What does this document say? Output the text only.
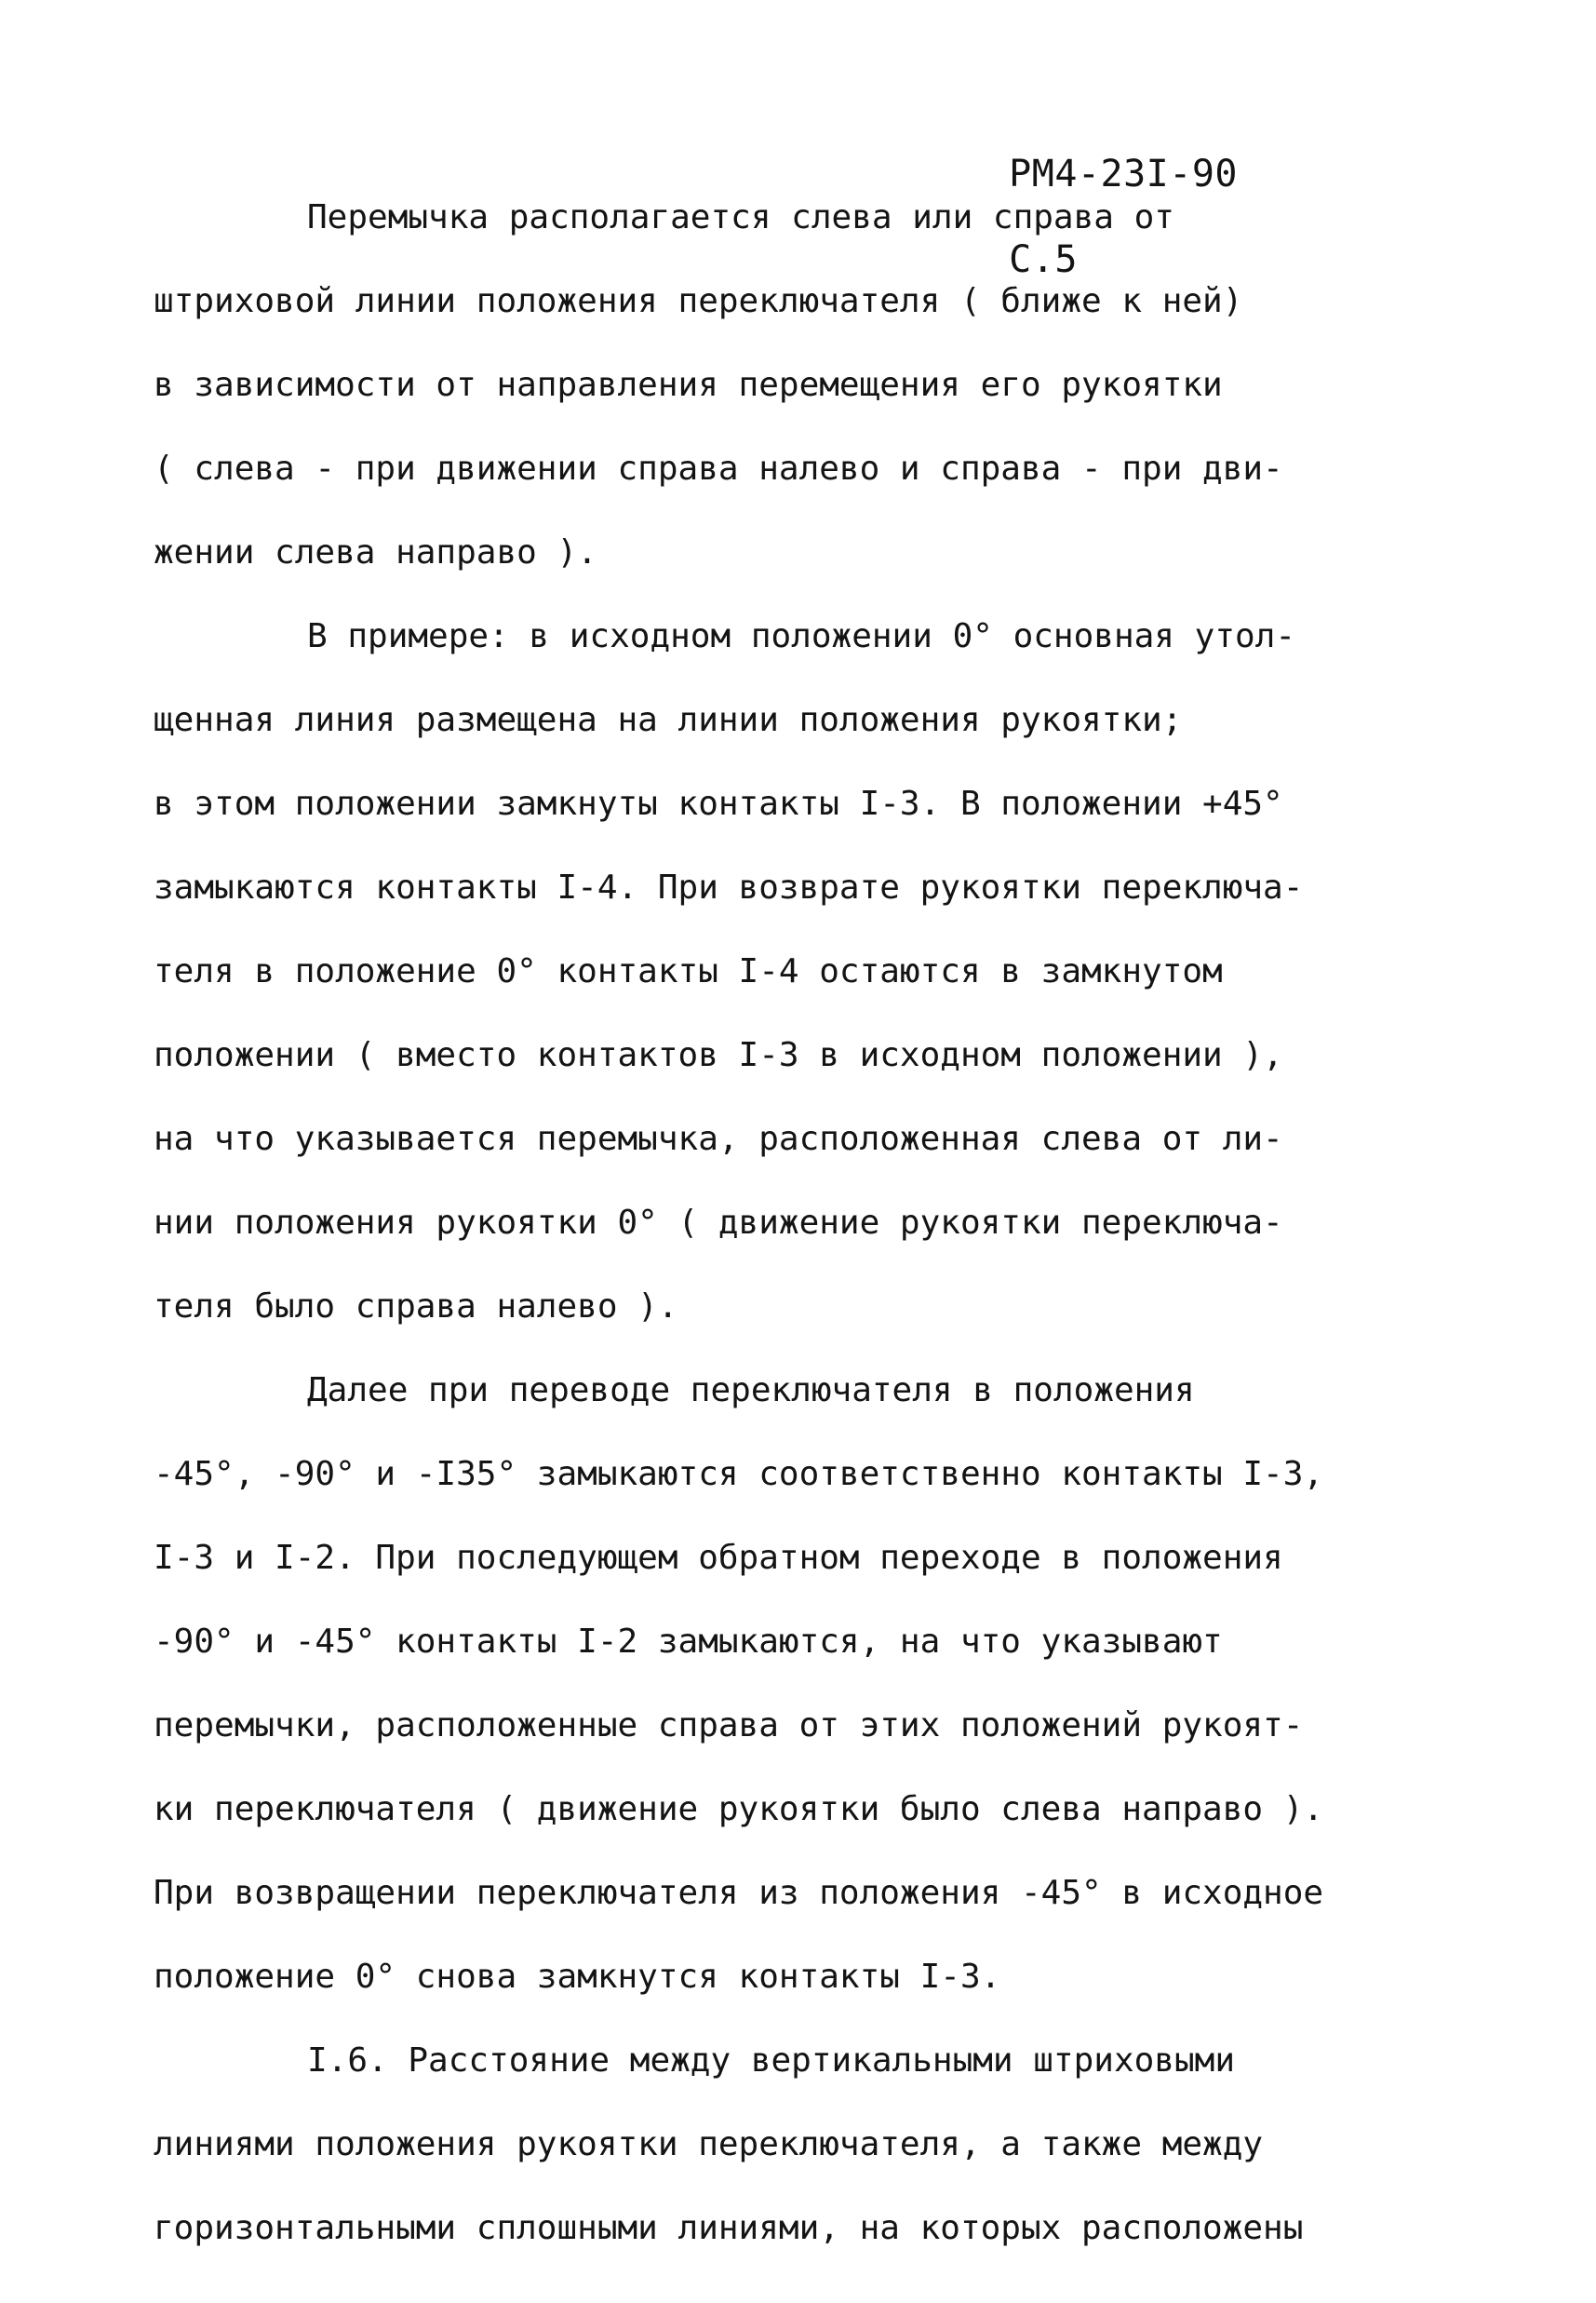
РМ4-23I-90

С.5

Перемычка располагается слева или справа от
штриховой линии положения переключателя ( ближе к ней)
в зависимости от направления перемещения его рукоятки
( слева - при движении справа налево и справа - при дви-
жении слева направо ).
В примере: в исходном положении 0° основная утол-
щенная линия размещена на линии положения рукоятки;
в этом положении замкнуты контакты I-3. В положении +45°
замыкаются контакты I-4. При возврате рукоятки переключа-
теля в положение 0° контакты I-4 остаются в замкнутом
положении ( вместо контактов I-3 в исходном положении ),
на что указывается перемычка, расположенная слева от ли-
нии положения рукоятки 0° ( движение рукоятки переключа-
теля было справа налево ).
Далее при переводе переключателя в положения
-45°, -90° и -I35° замыкаются соответственно контакты I-3,
I-3 и I-2. При последующем обратном переходе в положения
-90° и -45° контакты I-2 замыкаются, на что указывают
перемычки, расположенные справа от этих положений рукоят-
ки переключателя ( движение рукоятки было слева направо ).
При возвращении переключателя из положения -45° в исходное
положение 0° снова замкнутся контакты I-3.
I.6. Расстояние между вертикальными штриховыми
линиями положения рукоятки переключателя, а также между
горизонтальными сплошными линиями, на которых расположены
